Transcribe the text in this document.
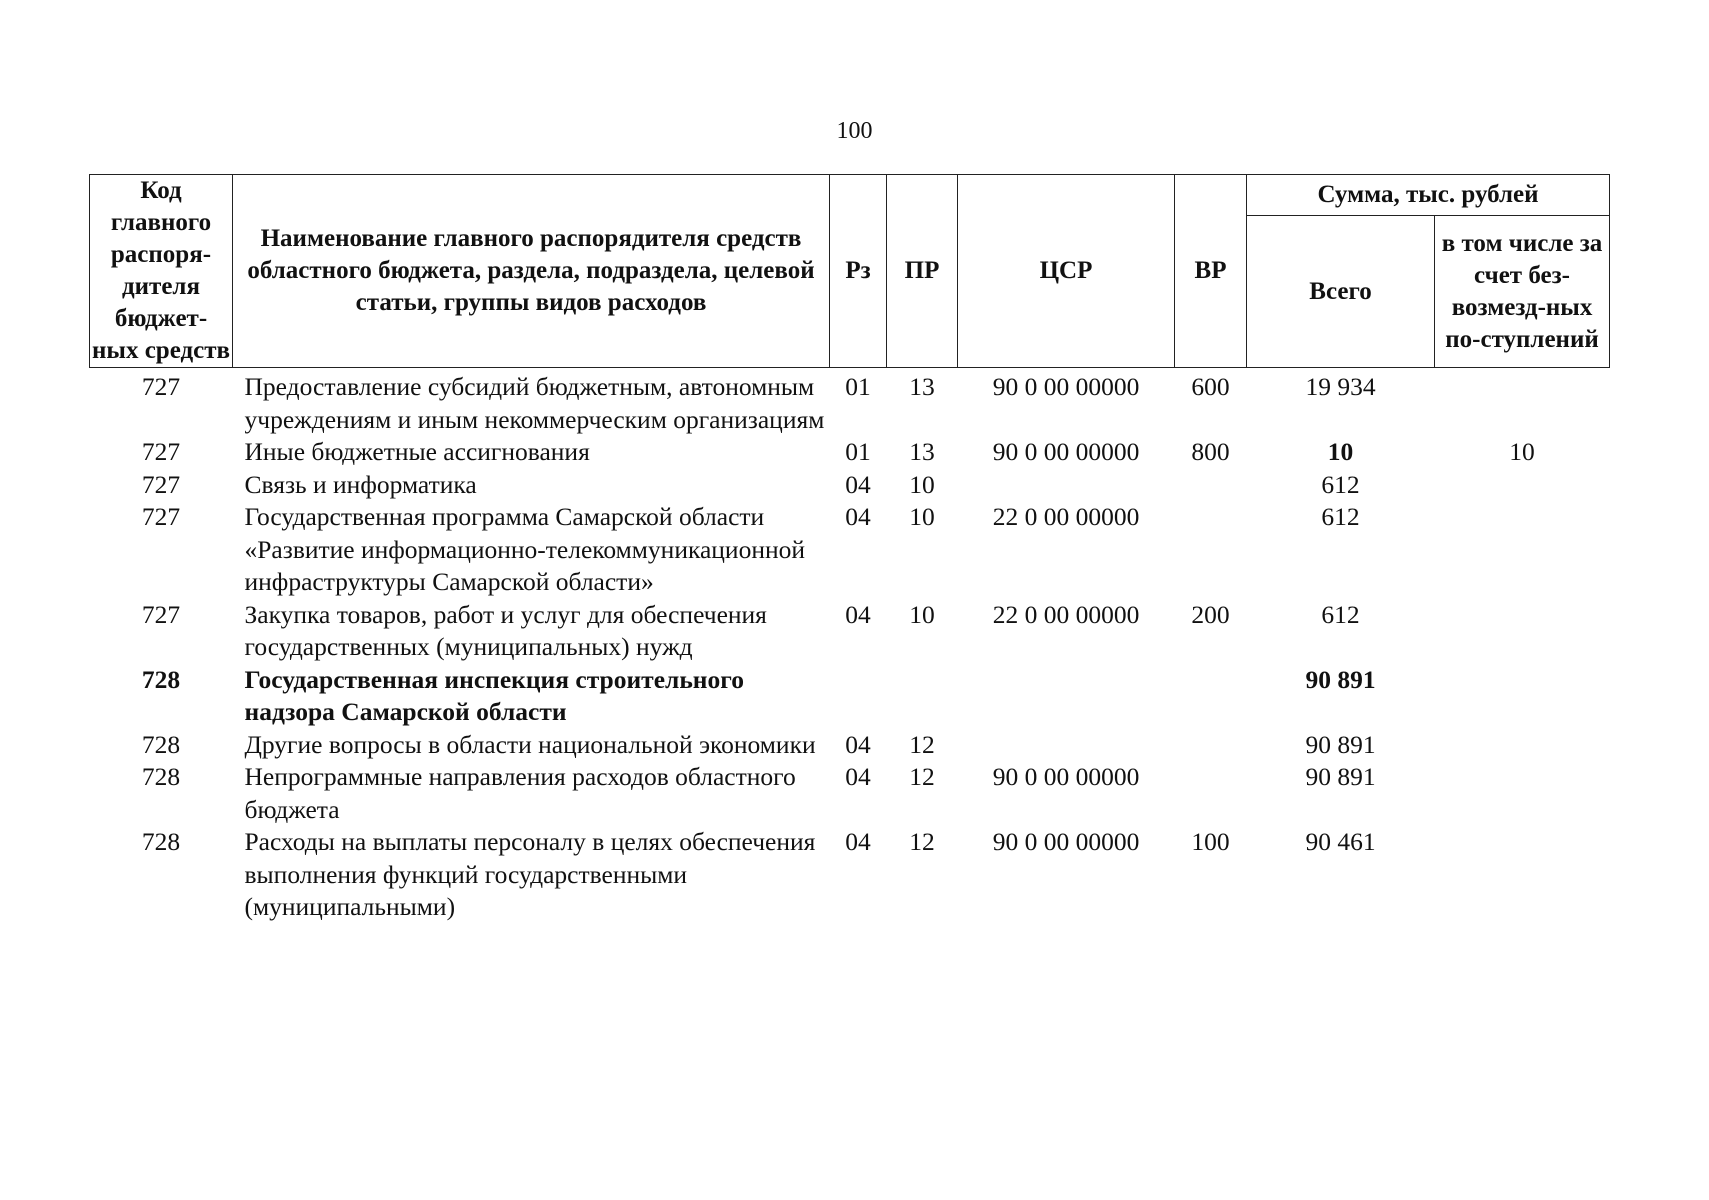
100
Код главного распоря-дителя бюджет-ных средств	Наименование главного распорядителя средств областного бюджета, раздела, подраздела, целевой статьи, группы видов расходов	Рз	ПР	ЦСР	ВР	Сумма, тыс. рублей	
						Всего	в том числе за счет без-возмезд-ных по-ступлений
727	Предоставление субсидий бюджетным, автономным учреждениям и иным некоммерческим организациям	01	13	90 0 00 00000	600	19 934	
727	Иные бюджетные ассигнования	01	13	90 0 00 00000	800	10	10
727	Связь и информатика	04	10			612	
727	Государственная программа Самарской области «Развитие информационно-телекоммуникационной инфраструктуры Самарской области»	04	10	22 0 00 00000		612	
727	Закупка товаров, работ и услуг для обеспечения государственных (муниципальных) нужд	04	10	22 0 00 00000	200	612	
728	Государственная инспекция строительного надзора Самарской области					90 891	
728	Другие вопросы в области национальной экономики	04	12			90 891	
728	Непрограммные направления расходов областного бюджета	04	12	90 0 00 00000		90 891	
728	Расходы на выплаты персоналу в целях обеспечения выполнения функций государственными (муниципальными)	04	12	90 0 00 00000	100	90 461	
